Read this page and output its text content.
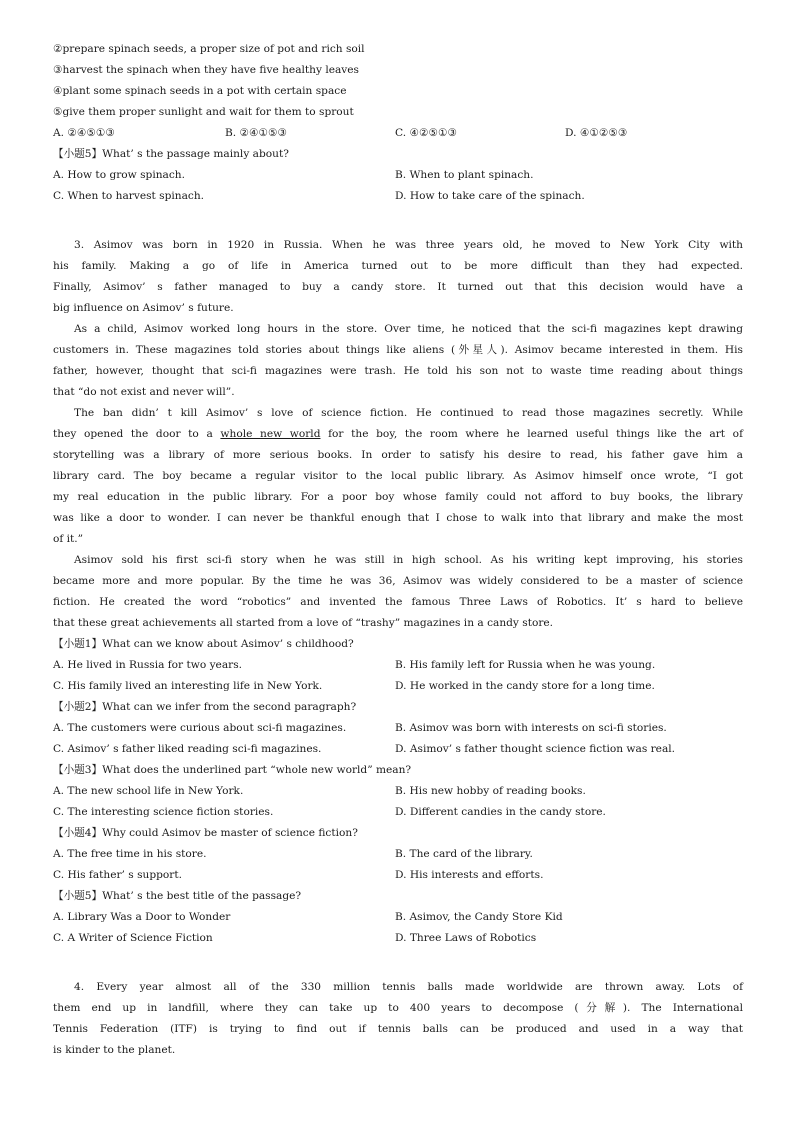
②prepare spinach seeds, a proper size of pot and rich soil
③harvest the spinach when they have five healthy leaves
④plant some spinach seeds in a pot with certain space
⑤give them proper sunlight and wait for them to sprout
A. ②④⑤①③	B. ②④①⑤③	C. ④②⑤①③	D. ④①②⑤③
【小题5】What’ s the passage mainly about?
A. How to grow spinach.	B. When to plant spinach.
C. When to harvest spinach.	D. How to take care of the spinach.
3. Asimov was born in 1920 in Russia. When he was three years old, he moved to New York City with
his family. Making a go of life in America turned out to be more difficult than they had expected.
Finally, Asimov’ s father managed to buy a candy store. It turned out that this decision would have a
big influence on Asimov’ s future.
As a child, Asimov worked long hours in the store. Over time, he noticed that the sci-fi magazines kept drawing
customers in. These magazines told stories about things like aliens (外星人). Asimov became interested in them. His
father, however, thought that sci-fi magazines were trash. He told his son not to waste time reading about things
that “do not exist and never will”.
The ban didn’ t kill Asimov’ s love of science fiction. He continued to read those magazines secretly. While
they opened the door to a whole new world for the boy, the room where he learned useful things like the art of
storytelling was a library of more serious books. In order to satisfy his desire to read, his father gave him a
library card. The boy became a regular visitor to the local public library. As Asimov himself once wrote, “I got
my real education in the public library. For a poor boy whose family could not afford to buy books, the library
was like a door to wonder. I can never be thankful enough that I chose to walk into that library and make the most
of it.”
Asimov sold his first sci-fi story when he was still in high school. As his writing kept improving, his stories
became more and more popular. By the time he was 36, Asimov was widely considered to be a master of science
fiction. He created the word “robotics” and invented the famous Three Laws of Robotics. It’ s hard to believe
that these great achievements all started from a love of “trashy” magazines in a candy store.
【小题1】What can we know about Asimov’ s childhood?
A. He lived in Russia for two years.	B. His family left for Russia when he was young.
C. His family lived an interesting life in New York.	D. He worked in the candy store for a long time.
【小题2】What can we infer from the second paragraph?
A. The customers were curious about sci-fi magazines.	B. Asimov was born with interests on sci-fi stories.
C. Asimov’ s father liked reading sci-fi magazines.	D. Asimov’ s father thought science fiction was real.
【小题3】What does the underlined part “whole new world” mean?
A. The new school life in New York.	B. His new hobby of reading books.
C. The interesting science fiction stories.	D. Different candies in the candy store.
【小题4】Why could Asimov be master of science fiction?
A. The free time in his store.	B. The card of the library.
C. His father’ s support.	D. His interests and efforts.
【小题5】What’ s the best title of the passage?
A. Library Was a Door to Wonder	B. Asimov, the Candy Store Kid
C. A Writer of Science Fiction	D. Three Laws of Robotics
4. Every year almost all of the 330 million tennis balls made worldwide are thrown away. Lots of
them end up in landfill, where they can take up to 400 years to decompose (分解). The International
Tennis Federation (ITF) is trying to find out if tennis balls can be produced and used in a way that
is kinder to the planet.
